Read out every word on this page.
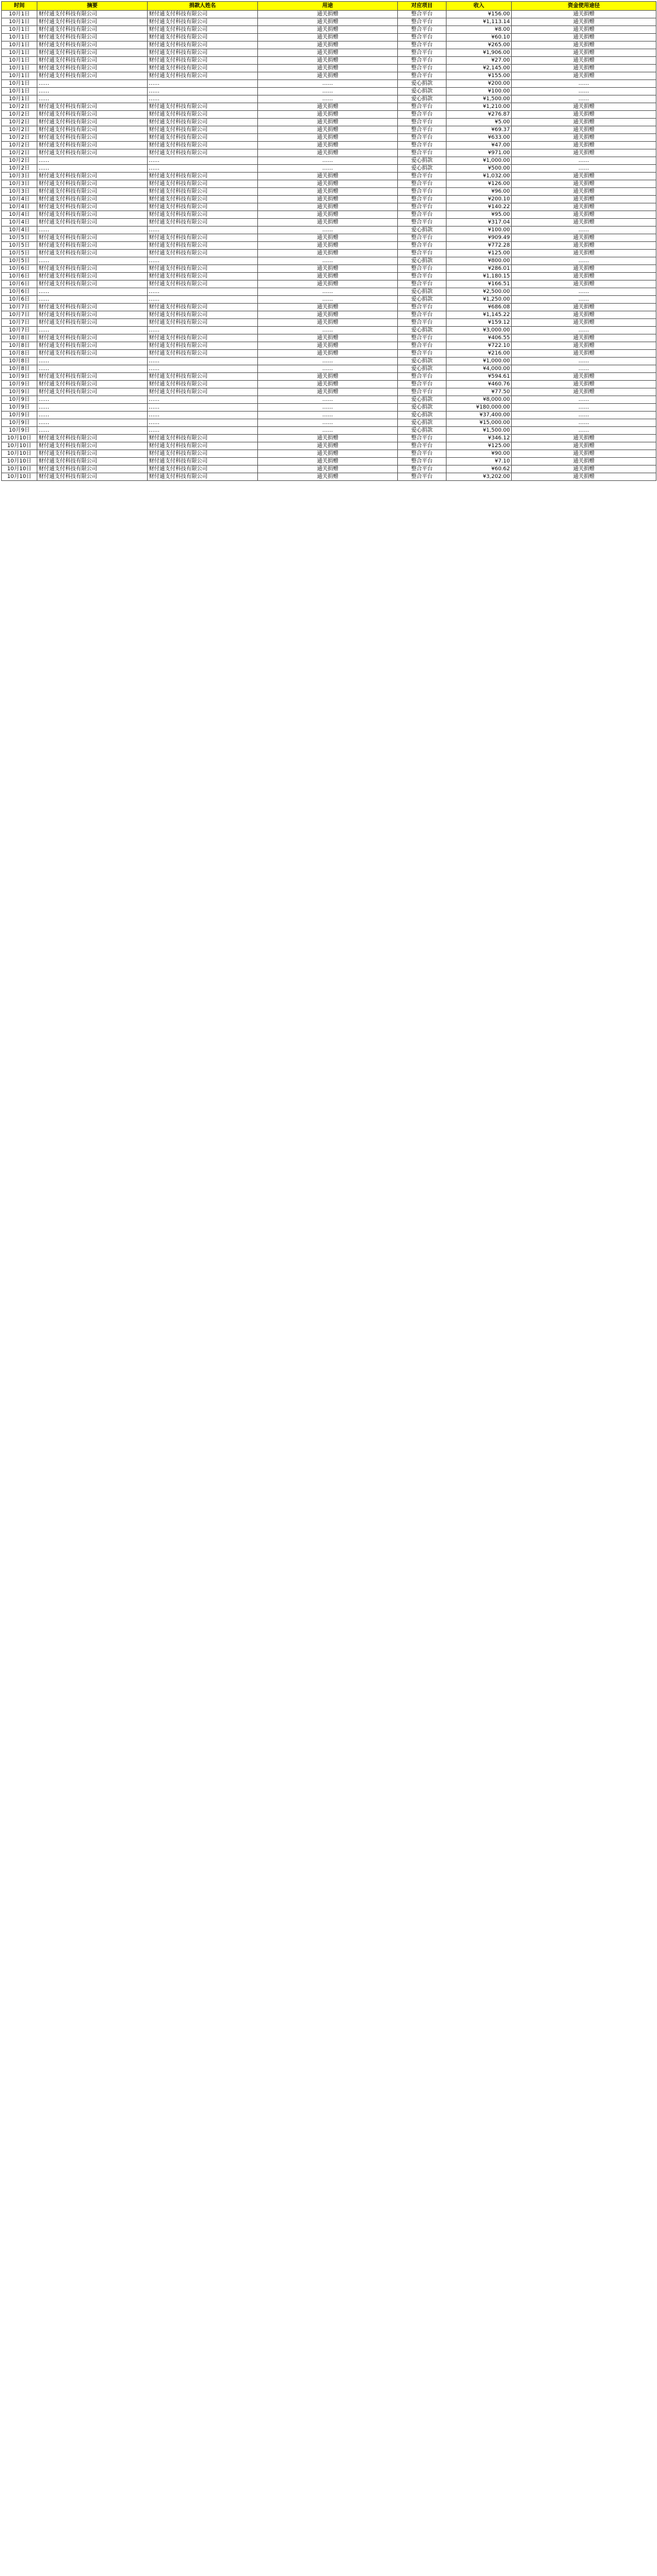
时间	摘要	捐款人姓名	用途	对应项目	收入	资金使用途径
10月1日	财付通支付科技有限公司	财付通支付科技有限公司	通关捐赠	整合平台	¥156.00	通关捐赠
10月1日	财付通支付科技有限公司	财付通支付科技有限公司	通关捐赠	整合平台	¥1,113.14	通关捐赠
10月1日	财付通支付科技有限公司	财付通支付科技有限公司	通关捐赠	整合平台	¥8.00	通关捐赠
10月1日	财付通支付科技有限公司	财付通支付科技有限公司	通关捐赠	整合平台	¥60.10	通关捐赠
10月1日	财付通支付科技有限公司	财付通支付科技有限公司	通关捐赠	整合平台	¥265.00	通关捐赠
10月1日	财付通支付科技有限公司	财付通支付科技有限公司	通关捐赠	整合平台	¥1,906.00	通关捐赠
10月1日	财付通支付科技有限公司	财付通支付科技有限公司	通关捐赠	整合平台	¥27.00	通关捐赠
10月1日	财付通支付科技有限公司	财付通支付科技有限公司	通关捐赠	整合平台	¥2,145.00	通关捐赠
10月1日	财付通支付科技有限公司	财付通支付科技有限公司	通关捐赠	整合平台	¥155.00	通关捐赠
10月1日	……	……	……	爱心捐款	¥200.00	……
10月1日	……	……	……	爱心捐款	¥100.00	……
10月1日	……	……	……	爱心捐款	¥1,500.00	……
10月2日	财付通支付科技有限公司	财付通支付科技有限公司	通关捐赠	整合平台	¥1,210.00	通关捐赠
10月2日	财付通支付科技有限公司	财付通支付科技有限公司	通关捐赠	整合平台	¥276.87	通关捐赠
10月2日	财付通支付科技有限公司	财付通支付科技有限公司	通关捐赠	整合平台	¥5.00	通关捐赠
10月2日	财付通支付科技有限公司	财付通支付科技有限公司	通关捐赠	整合平台	¥69.37	通关捐赠
10月2日	财付通支付科技有限公司	财付通支付科技有限公司	通关捐赠	整合平台	¥633.00	通关捐赠
10月2日	财付通支付科技有限公司	财付通支付科技有限公司	通关捐赠	整合平台	¥47.00	通关捐赠
10月2日	财付通支付科技有限公司	财付通支付科技有限公司	通关捐赠	整合平台	¥971.00	通关捐赠
10月2日	……	……	……	爱心捐款	¥1,000.00	……
10月2日	……	……	……	爱心捐款	¥500.00	……
10月3日	财付通支付科技有限公司	财付通支付科技有限公司	通关捐赠	整合平台	¥1,032.00	通关捐赠
10月3日	财付通支付科技有限公司	财付通支付科技有限公司	通关捐赠	整合平台	¥126.00	通关捐赠
10月3日	财付通支付科技有限公司	财付通支付科技有限公司	通关捐赠	整合平台	¥96.00	通关捐赠
10月4日	财付通支付科技有限公司	财付通支付科技有限公司	通关捐赠	整合平台	¥200.10	通关捐赠
10月4日	财付通支付科技有限公司	财付通支付科技有限公司	通关捐赠	整合平台	¥140.22	通关捐赠
10月4日	财付通支付科技有限公司	财付通支付科技有限公司	通关捐赠	整合平台	¥95.00	通关捐赠
10月4日	财付通支付科技有限公司	财付通支付科技有限公司	通关捐赠	整合平台	¥317.04	通关捐赠
10月4日	……	……	……	爱心捐款	¥100.00	……
10月5日	财付通支付科技有限公司	财付通支付科技有限公司	通关捐赠	整合平台	¥909.49	通关捐赠
10月5日	财付通支付科技有限公司	财付通支付科技有限公司	通关捐赠	整合平台	¥772.28	通关捐赠
10月5日	财付通支付科技有限公司	财付通支付科技有限公司	通关捐赠	整合平台	¥125.00	通关捐赠
10月5日	……	……	……	爱心捐款	¥800.00	……
10月6日	财付通支付科技有限公司	财付通支付科技有限公司	通关捐赠	整合平台	¥286.01	通关捐赠
10月6日	财付通支付科技有限公司	财付通支付科技有限公司	通关捐赠	整合平台	¥1,180.15	通关捐赠
10月6日	财付通支付科技有限公司	财付通支付科技有限公司	通关捐赠	整合平台	¥166.51	通关捐赠
10月6日	……	……	……	爱心捐款	¥2,500.00	……
10月6日	……	……	……	爱心捐款	¥1,250.00	……
10月7日	财付通支付科技有限公司	财付通支付科技有限公司	通关捐赠	整合平台	¥686.08	通关捐赠
10月7日	财付通支付科技有限公司	财付通支付科技有限公司	通关捐赠	整合平台	¥1,145.22	通关捐赠
10月7日	财付通支付科技有限公司	财付通支付科技有限公司	通关捐赠	整合平台	¥159.12	通关捐赠
10月7日	……	……	……	爱心捐款	¥3,000.00	……
10月8日	财付通支付科技有限公司	财付通支付科技有限公司	通关捐赠	整合平台	¥406.55	通关捐赠
10月8日	财付通支付科技有限公司	财付通支付科技有限公司	通关捐赠	整合平台	¥722.10	通关捐赠
10月8日	财付通支付科技有限公司	财付通支付科技有限公司	通关捐赠	整合平台	¥216.00	通关捐赠
10月8日	……	……	……	爱心捐款	¥1,000.00	……
10月8日	……	……	……	爱心捐款	¥4,000.00	……
10月9日	财付通支付科技有限公司	财付通支付科技有限公司	通关捐赠	整合平台	¥594.61	通关捐赠
10月9日	财付通支付科技有限公司	财付通支付科技有限公司	通关捐赠	整合平台	¥460.76	通关捐赠
10月9日	财付通支付科技有限公司	财付通支付科技有限公司	通关捐赠	整合平台	¥77.50	通关捐赠
10月9日	……	……	……	爱心捐款	¥8,000.00	……
10月9日	……	……	……	爱心捐款	¥180,000.00	……
10月9日	……	……	……	爱心捐款	¥37,400.00	……
10月9日	……	……	……	爱心捐款	¥15,000.00	……
10月9日	……	……	……	爱心捐款	¥1,500.00	……
10月10日	财付通支付科技有限公司	财付通支付科技有限公司	通关捐赠	整合平台	¥346.12	通关捐赠
10月10日	财付通支付科技有限公司	财付通支付科技有限公司	通关捐赠	整合平台	¥125.00	通关捐赠
10月10日	财付通支付科技有限公司	财付通支付科技有限公司	通关捐赠	整合平台	¥90.00	通关捐赠
10月10日	财付通支付科技有限公司	财付通支付科技有限公司	通关捐赠	整合平台	¥7.10	通关捐赠
10月10日	财付通支付科技有限公司	财付通支付科技有限公司	通关捐赠	整合平台	¥60.62	通关捐赠
10月10日	财付通支付科技有限公司	财付通支付科技有限公司	通关捐赠	整合平台	¥3,202.00	通关捐赠
